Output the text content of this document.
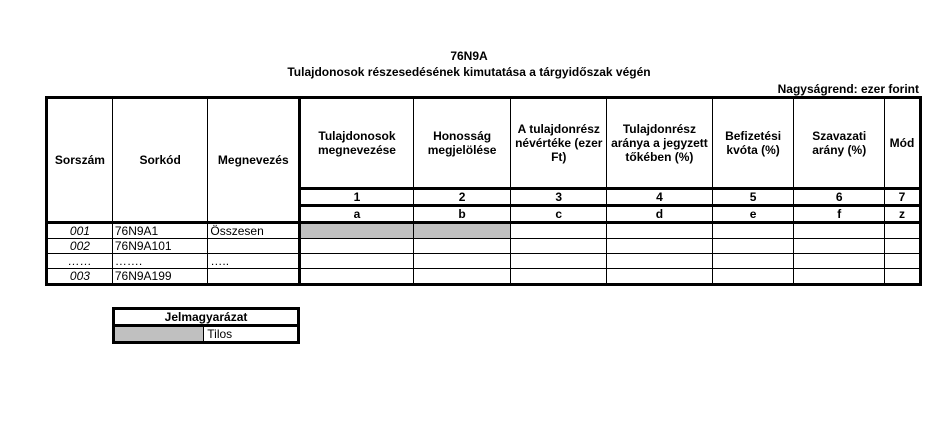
76N9A
Tulajdonosok részesedésének kimutatása a tárgyidőszak végén
Nagyságrend: ezer forint
Sorszám	Sorkód	Megnevezés	Tulajdonosok megnevezése	Honosság megjelölése	A tulajdonrész névértéke (ezer Ft)	Tulajdonrész aránya a jegyzett tőkében (%)	Befizetési kvóta (%)	Szavazati arány (%)	Mód
			1	2	3	4	5	6	7
			a	b	c	d	e	f	z
001	76N9A1	Összesen							
002	76N9A101								
……	…….	…..							
003	76N9A199								
Jelmagyarázat
	Tilos
